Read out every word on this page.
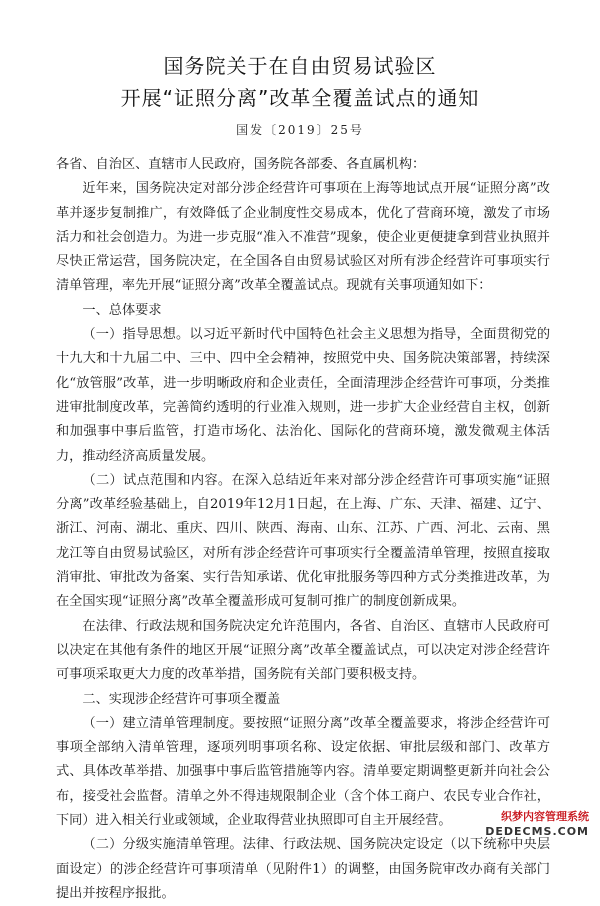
国务院关于在自由贸易试验区
开展“证照分离”改革全覆盖试点的通知
国发〔2019〕25号

各省、自治区、直辖市人民政府，国务院各部委、各直属机构：

近年来，国务院决定对部分涉企经营许可事项在上海等地试点开展“证照分离”改革并逐步复制推广，有效降低了企业制度性交易成本，优化了营商环境，激发了市场活力和社会创造力。为进一步克服“准入不准营”现象，使企业更便捷拿到营业执照并尽快正常运营，国务院决定，在全国各自由贸易试验区对所有涉企经营许可事项实行清单管理，率先开展“证照分离”改革全覆盖试点。现就有关事项通知如下：

一、总体要求

（一）指导思想。以习近平新时代中国特色社会主义思想为指导，全面贯彻党的十九大和十九届二中、三中、四中全会精神，按照党中央、国务院决策部署，持续深化“放管服”改革，进一步明晰政府和企业责任，全面清理涉企经营许可事项，分类推进审批制度改革，完善简约透明的行业准入规则，进一步扩大企业经营自主权，创新和加强事中事后监管，打造市场化、法治化、国际化的营商环境，激发微观主体活力，推动经济高质量发展。

（二）试点范围和内容。在深入总结近年来对部分涉企经营许可事项实施“证照分离”改革经验基础上，自2019年12月1日起，在上海、广东、天津、福建、辽宁、浙江、河南、湖北、重庆、四川、陕西、海南、山东、江苏、广西、河北、云南、黑龙江等自由贸易试验区，对所有涉企经营许可事项实行全覆盖清单管理，按照直接取消审批、审批改为备案、实行告知承诺、优化审批服务等四种方式分类推进改革，为在全国实现“证照分离”改革全覆盖形成可复制可推广的制度创新成果。

在法律、行政法规和国务院决定允许范围内，各省、自治区、直辖市人民政府可以决定在其他有条件的地区开展“证照分离”改革全覆盖试点，可以决定对涉企经营许可事项采取更大力度的改革举措，国务院有关部门要积极支持。

二、实现涉企经营许可事项全覆盖

（一）建立清单管理制度。要按照“证照分离”改革全覆盖要求，将涉企经营许可事项全部纳入清单管理，逐项列明事项名称、设定依据、审批层级和部门、改革方式、具体改革举措、加强事中事后监管措施等内容。清单要定期调整更新并向社会公布，接受社会监督。清单之外不得违规限制企业（含个体工商户、农民专业合作社，下同）进入相关行业或领域，企业取得营业执照即可自主开展经营。

（二）分级实施清单管理。法律、行政法规、国务院决定设定（以下统称中央层面设定）的涉企经营许可事项清单（见附件1）的调整，由国务院审改办商有关部门提出并按程序报批。

织梦内容管理系统
DEDECMS.COM
